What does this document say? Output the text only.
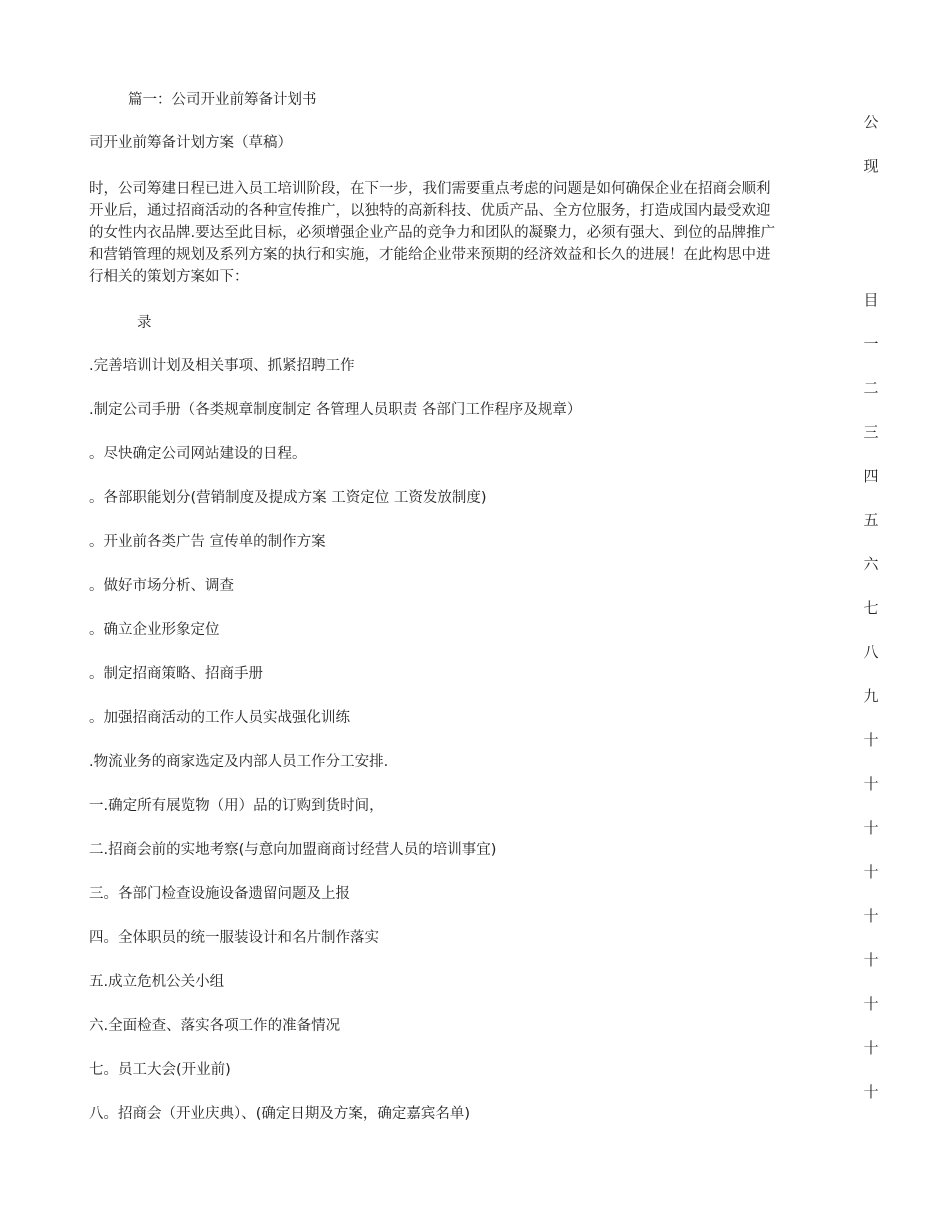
篇一：公司开业前筹备计划书
司开业前筹备计划方案（草稿）
时，公司筹建日程已进入员工培训阶段，在下一步，我们需要重点考虑的问题是如何确保企业在招商会顺利
开业后，通过招商活动的各种宣传推广，以独特的高新科技、优质产品、全方位服务，打造成国内最受欢迎
的女性内衣品牌.要达至此目标，必须增强企业产品的竞争力和团队的凝聚力，必须有强大、到位的品牌推广
和营销管理的规划及系列方案的执行和实施，才能给企业带来预期的经济效益和长久的进展！在此构思中进
行相关的策划方案如下：
录
.完善培训计划及相关事项、抓紧招聘工作
.制定公司手册（各类规章制度制定 各管理人员职责 各部门工作程序及规章）
。尽快确定公司网站建设的日程。
。各部职能划分(营销制度及提成方案 工资定位 工资发放制度)
。开业前各类广告 宣传单的制作方案
。做好市场分析、调查
。确立企业形象定位
。制定招商策略、招商手册
。加强招商活动的工作人员实战强化训练
.物流业务的商家选定及内部人员工作分工安排.
一.确定所有展览物（用）品的订购到货时间，
二.招商会前的实地考察(与意向加盟商商讨经营人员的培训事宜)
三。各部门检查设施设备遗留问题及上报
四。全体职员的统一服装设计和名片制作落实
五.成立危机公关小组
六.全面检查、落实各项工作的准备情况
七。员工大会(开业前)
八。招商会（开业庆典）、(确定日期及方案，确定嘉宾名单)
公
现
目
一
二
三
四
五
六
七
八
九
十
十
十
十
十
十
十
十
十
